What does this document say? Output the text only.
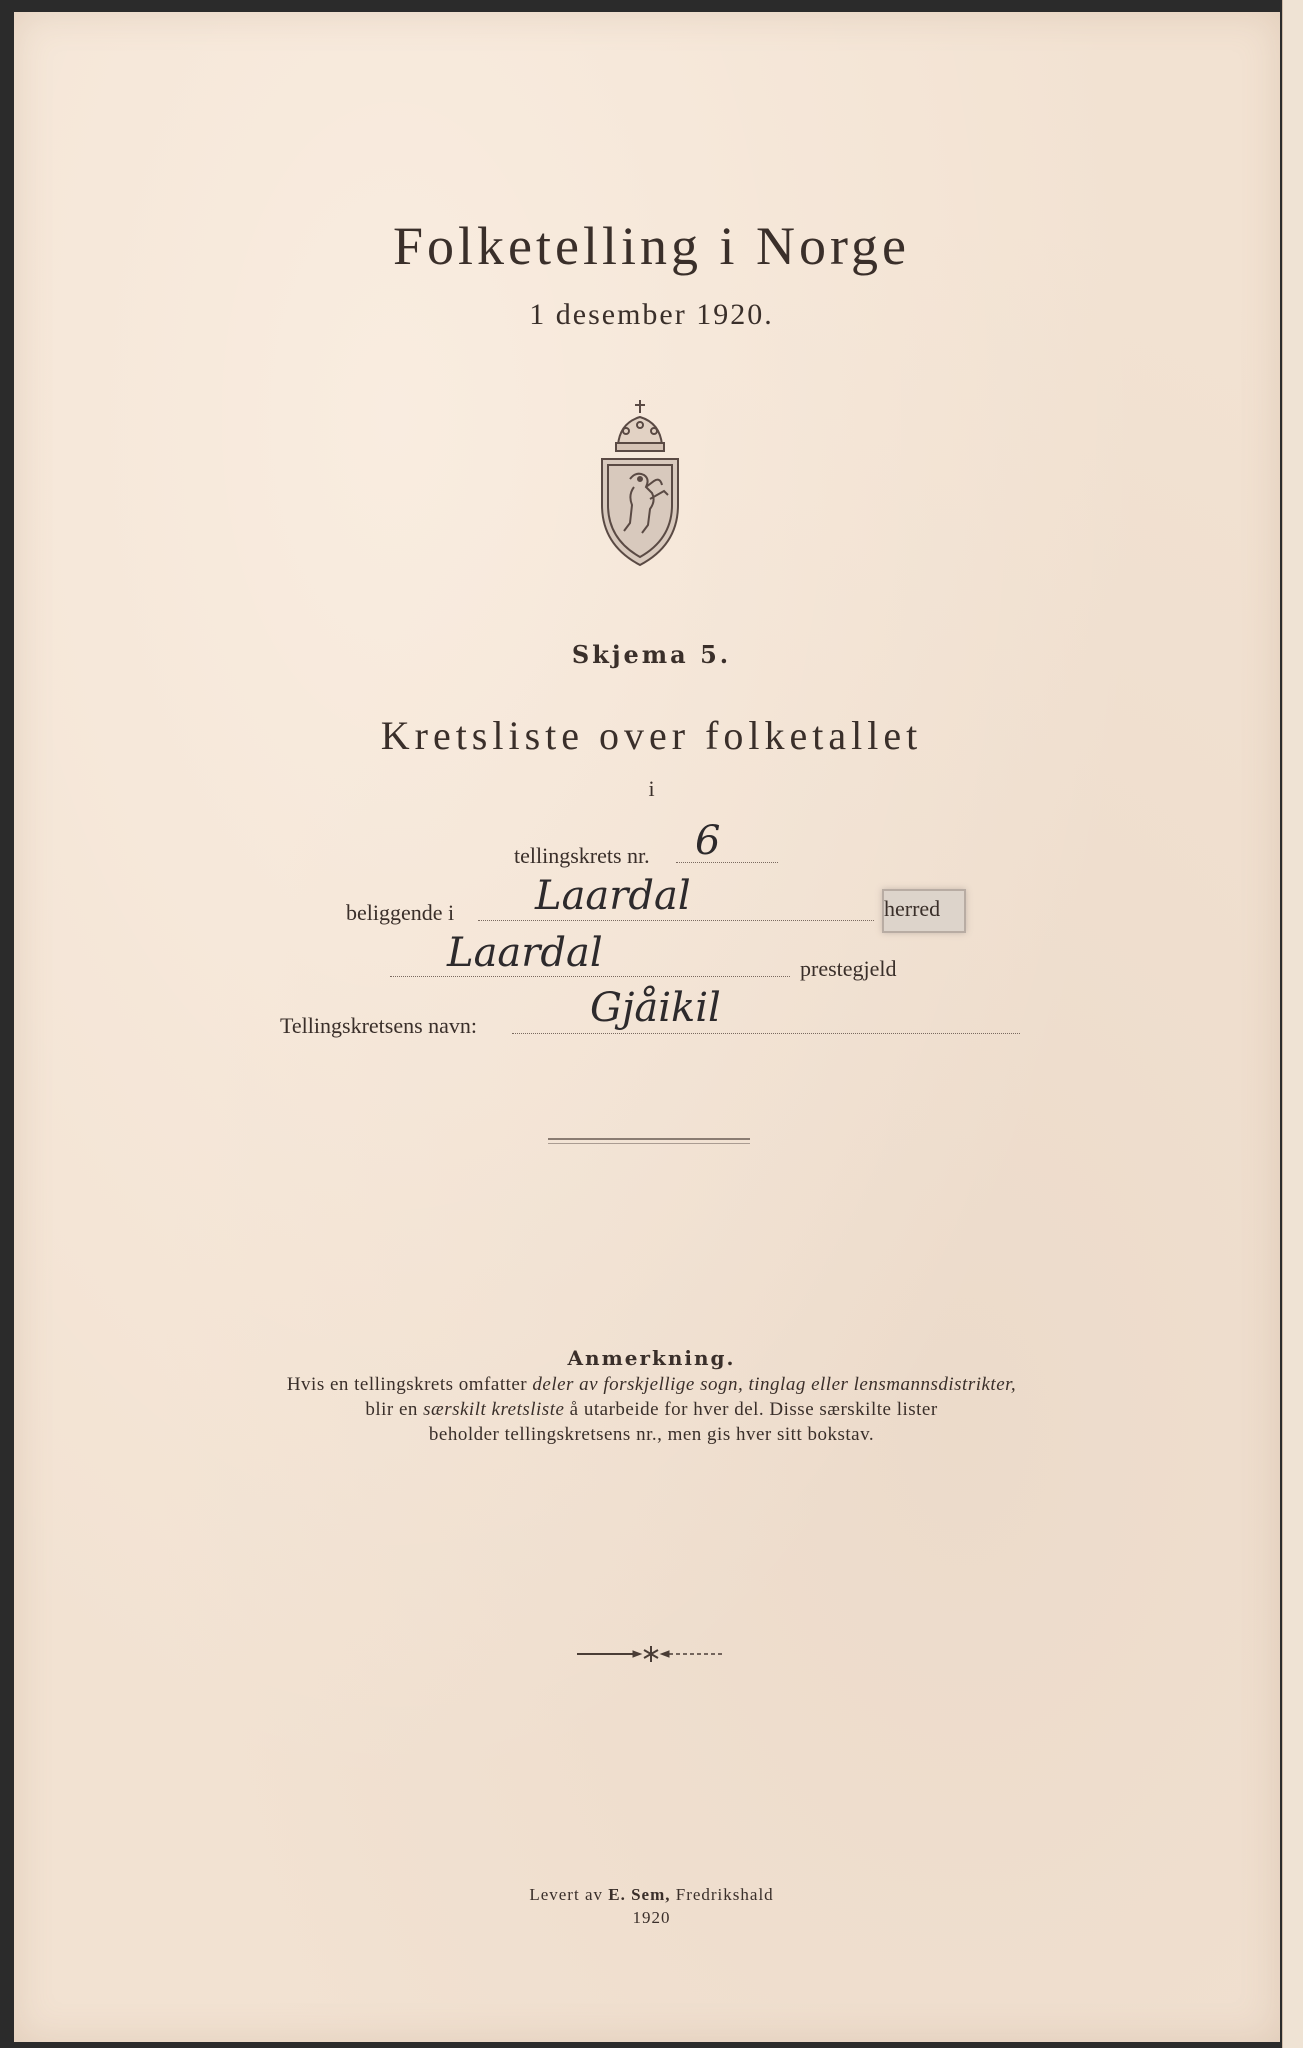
Folketelling i Norge
1 desember 1920.
Skjema 5.
Kretsliste over folketallet
i
tellingskrets nr. 6
beliggende i Laardal	herred
Laardal	prestegjeld
Tellingskretsens navn:	Gjåikil
Anmerkning.
Hvis en tellingskrets omfatter deler av forskjellige sogn, tinglag eller lensmannsdistrikter,
blir en særskilt kretsliste å utarbeide for hver del. Disse særskilte lister
beholder tellingskretsens nr., men gis hver sitt bokstav.
Levert av E. Sem, Fredrikshald
1920
